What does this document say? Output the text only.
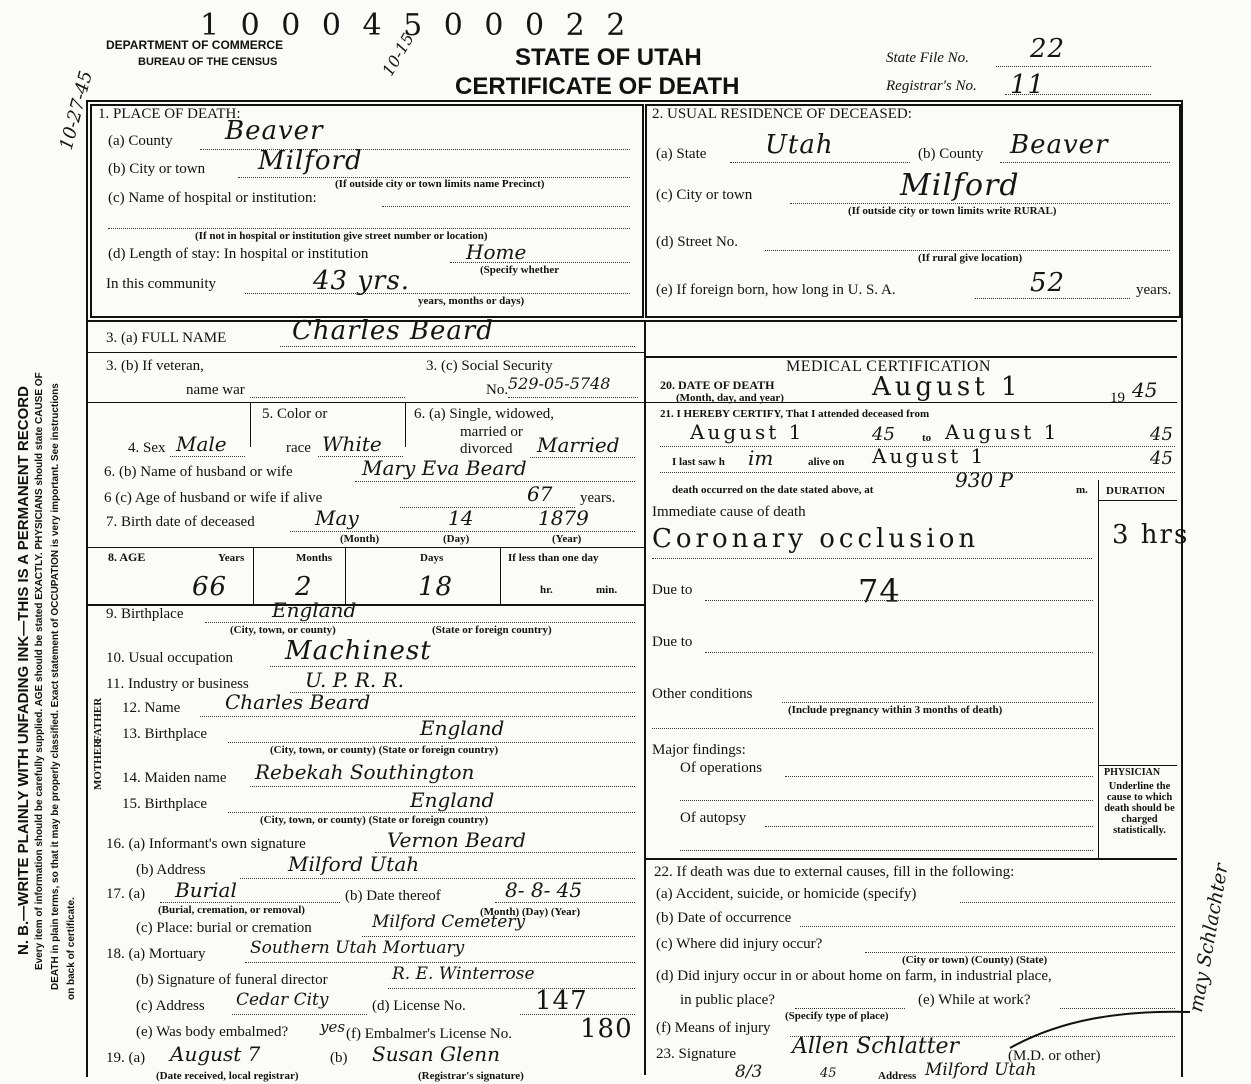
1 0 0 0 4 5 0 0 0 2 2
DEPARTMENT OF COMMERCE
BUREAU OF THE CENSUS	STATE OF UTAH
CERTIFICATE OF DEATH
10-15	State File No. 22
Registrar's No. 11
N. B.—WRITE PLAINLY WITH UNFADING INK—THIS IS A PERMANENT RECORD Every item of information should be carefully supplied. AGE should be stated EXACTLY. PHYSICIANS should state CAUSE OF DEATH in plain terms, so that it may be properly classified. Exact statement of OCCUPATION is very important. See instructions on back of certificate.
10-27-45
may Schlachter
1. PLACE OF DEATH:
(a) County Beaver
(b) City or town Milford
(If outside city or town limits name Precinct)
(c) Name of hospital or institution:
(If not in hospital or institution give street number or location)
(d) Length of stay: In hospital or institution	Home
(Specify whether
In this community	43 yrs.
years, months or days)
2. USUAL RESIDENCE OF DECEASED:
(a) State Utah	(b) County Beaver
(c) City or town	Milford
(If outside city or town limits write RURAL)
(d) Street No.
(If rural give location)
(e) If foreign born, how long in U. S. A.	52	years.
3. (a) FULL NAME	Charles Beard
3. (b) If veteran,
name war
3. (c) Social Security
No. 529-05-5748
4. Sex Male
5. Color or
race White
6. (a) Single, widowed,
married or
divorced Married
6. (b) Name of husband or wife	Mary Eva Beard
6 (c) Age of husband or wife if alive	67 years.
7. Birth date of deceased	May	14	1879
(Month)	(Day)	(Year)
8. AGE	Years	Months	Days	If less than one day
66	2	18	hr.	min.
9. Birthplace	England
(City, town, or county)	(State or foreign country)
10. Usual occupation Machinest
11. Industry or business	U. P. R. R.
MOTHER
FATHER 12. Name Charles Beard
13. Birthplace	England
(City, town, or county) (State or foreign country)
14. Maiden name Rebekah Southington
15. Birthplace	England
(City, town, or county) (State or foreign country)
16. (a) Informant's own signature	Vernon Beard
(b) Address	Milford Utah
17. (a) Burial
(Burial, cremation, or removal)
(b) Date thereof	8- 8- 45
(Month) (Day) (Year)
(c) Place: burial or cremation	Milford Cemetery
18. (a) Mortuary	Southern Utah Mortuary
(b) Signature of funeral director	R. E. Winterrose
(c) Address Cedar City	(d) License No.	147
(e) Was body embalmed? yes (f) Embalmer's License No.	180
19. (a) August 7
(Date received, local registrar)
(b) Susan Glenn
(Registrar's signature)
MEDICAL CERTIFICATION
20. DATE OF DEATH
(Month, day, and year)	August 1	19 45
21. I HEREBY CERTIFY, That I attended deceased from
August 1	45 to August 1	45
I last saw h im	alive on August 1	45
death occurred on the date stated above, at	930 P	m. DURATION
Immediate cause of death
Coronary occlusion	3 hrs
Due to	74
Due to
Other conditions
(Include pregnancy within 3 months of death)
Major findings:
Of operations
Of autopsy
PHYSICIAN
Underline the cause to which death should be charged statistically.
22. If death was due to external causes, fill in the following:
(a) Accident, suicide, or homicide (specify)
(b) Date of occurrence
(c) Where did injury occur?
(City or town) (County) (State)
(d) Did injury occur in or about home on farm, in industrial place,
in public place?
(Specify type of place)
(e) While at work?
(f) Means of injury
23. Signature	Allen Schlatter	(M.D. or other)
8/3	45	Address Milford Utah
